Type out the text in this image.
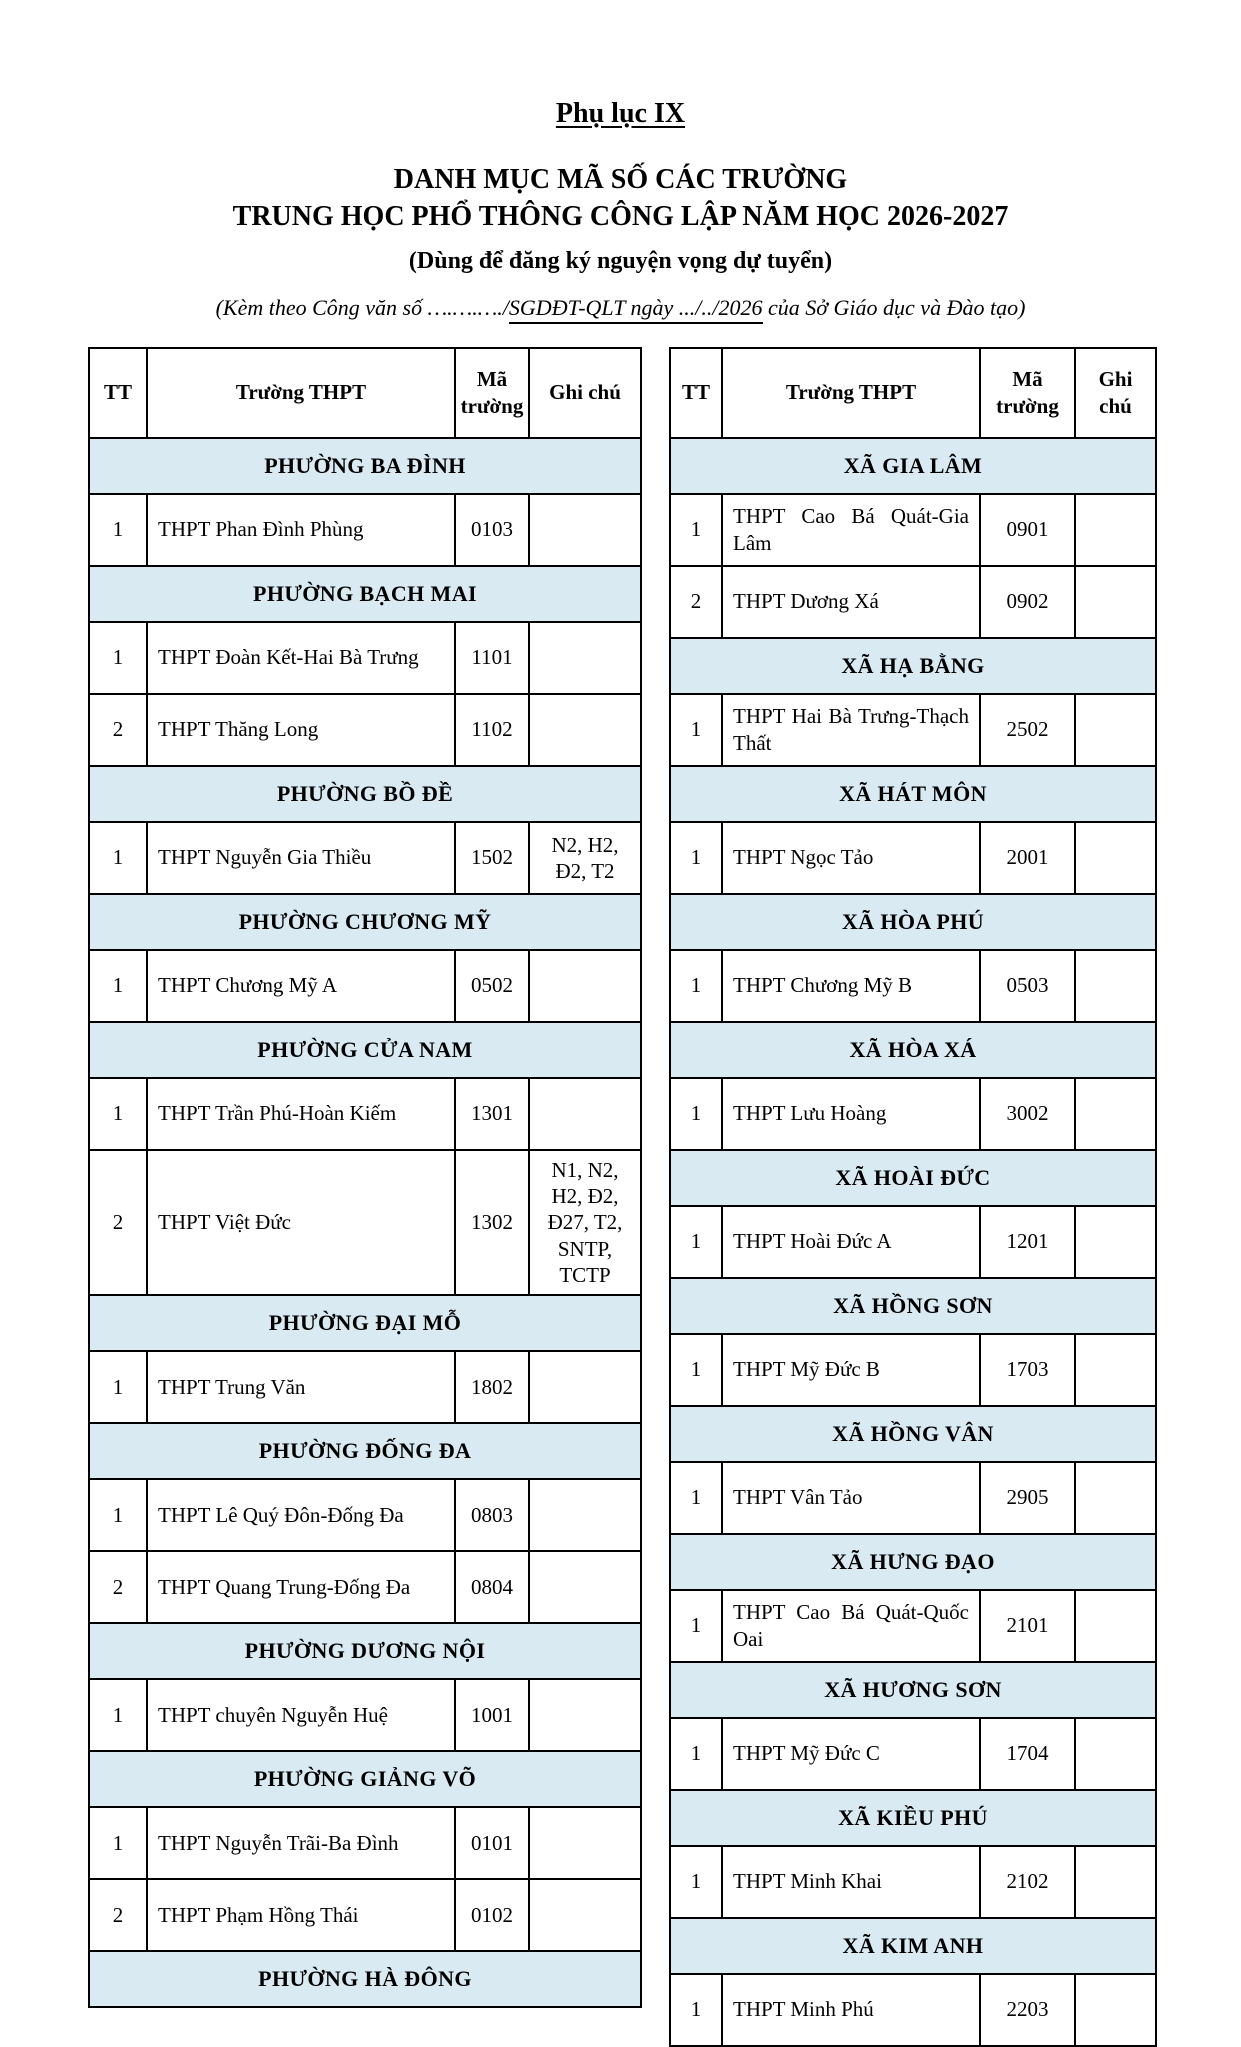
Phụ lục IX
DANH MỤC MÃ SỐ CÁC TRƯỜNG
TRUNG HỌC PHỔ THÔNG CÔNG LẬP NĂM HỌC 2026-2027
(Dùng để đăng ký nguyện vọng dự tuyển)
(Kèm theo Công văn số ….….…./SGDĐT-QLT ngày .../../2026 của Sở Giáo dục và Đào tạo)
TT	Trường THPT	Mã trường	Ghi chú
PHƯỜNG BA ĐÌNH			
1	THPT Phan Đình Phùng	0103	
PHƯỜNG BẠCH MAI			
1	THPT Đoàn Kết-Hai Bà Trưng	1101	
2	THPT Thăng Long	1102	
PHƯỜNG BỒ ĐỀ			
1	THPT Nguyễn Gia Thiều	1502	N2, H2, Đ2, T2
PHƯỜNG CHƯƠNG MỸ			
1	THPT Chương Mỹ A	0502	
PHƯỜNG CỬA NAM			
1	THPT Trần Phú-Hoàn Kiếm	1301	
2	THPT Việt Đức	1302	N1, N2, H2, Đ2, Đ27, T2, SNTP, TCTP
PHƯỜNG ĐẠI MỖ			
1	THPT Trung Văn	1802	
PHƯỜNG ĐỐNG ĐA			
1	THPT Lê Quý Đôn-Đống Đa	0803	
2	THPT Quang Trung-Đống Đa	0804	
PHƯỜNG DƯƠNG NỘI			
1	THPT chuyên Nguyễn Huệ	1001	
PHƯỜNG GIẢNG VÕ			
1	THPT Nguyễn Trãi-Ba Đình	0101	
2	THPT Phạm Hồng Thái	0102	
PHƯỜNG HÀ ĐÔNG			
TT	Trường THPT	Mã trường	Ghi chú
XÃ GIA LÂM			
1	THPT Cao Bá Quát-Gia Lâm	0901	
2	THPT Dương Xá	0902	
XÃ HẠ BẰNG			
1	THPT Hai Bà Trưng-Thạch Thất	2502	
XÃ HÁT MÔN			
1	THPT Ngọc Tảo	2001	
XÃ HÒA PHÚ			
1	THPT Chương Mỹ B	0503	
XÃ HÒA XÁ			
1	THPT Lưu Hoàng	3002	
XÃ HOÀI ĐỨC			
1	THPT Hoài Đức A	1201	
XÃ HỒNG SƠN			
1	THPT Mỹ Đức B	1703	
XÃ HỒNG VÂN			
1	THPT Vân Tảo	2905	
XÃ HƯNG ĐẠO			
1	THPT Cao Bá Quát-Quốc Oai	2101	
XÃ HƯƠNG SƠN			
1	THPT Mỹ Đức C	1704	
XÃ KIỀU PHÚ			
1	THPT Minh Khai	2102	
XÃ KIM ANH			
1	THPT Minh Phú	2203	
